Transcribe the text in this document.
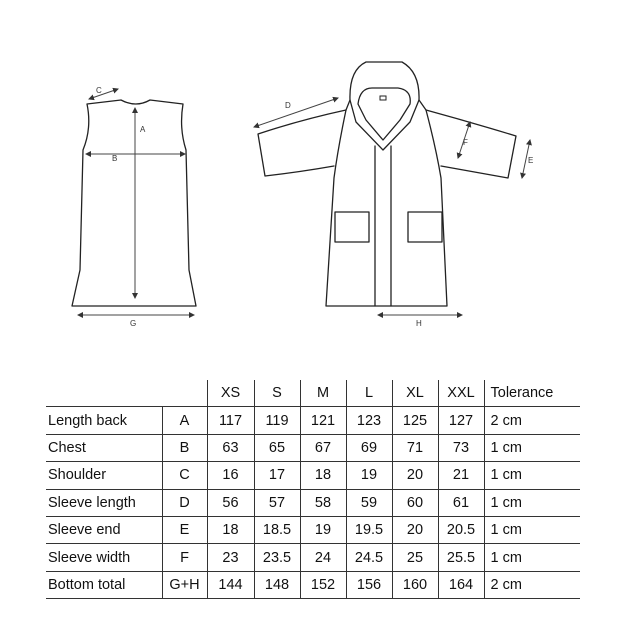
C
A
B
G
D
F
E
H
		XS	S	M	L	XL	XXL	Tolerance
Length back	A	117	119	121	123	125	127	2 cm
Chest	B	63	65	67	69	71	73	1 cm
Shoulder	C	16	17	18	19	20	21	1 cm
Sleeve length	D	56	57	58	59	60	61	1 cm
Sleeve end	E	18	18.5	19	19.5	20	20.5	1 cm
Sleeve width	F	23	23.5	24	24.5	25	25.5	1 cm
Bottom total	G+H	144	148	152	156	160	164	2 cm
